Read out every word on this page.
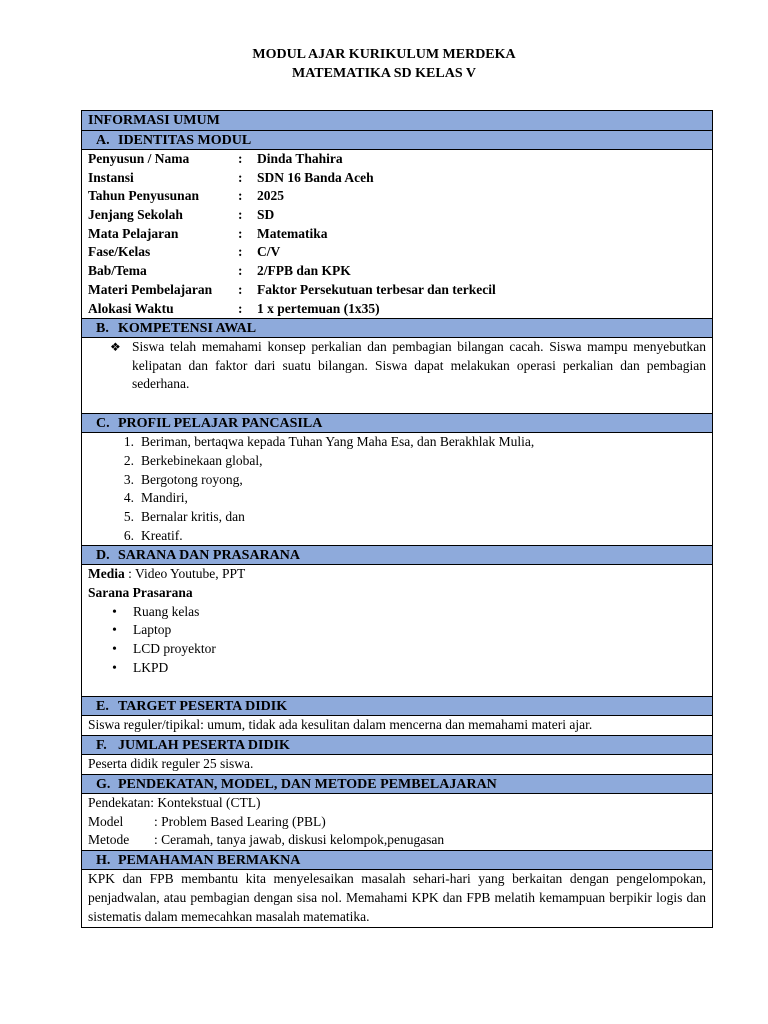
MODUL AJAR KURIKULUM MERDEKA
MATEMATIKA SD KELAS V
INFORMASI UMUM
A. IDENTITAS MODUL
Penyusun / Nama	:	Dinda Thahira
Instansi	:	SDN 16 Banda Aceh
Tahun Penyusunan	:	2025
Jenjang Sekolah	:	SD
Mata Pelajaran	:	Matematika
Fase/Kelas	:	C/V
Bab/Tema	:	2/FPB dan KPK
Materi Pembelajaran	:	Faktor Persekutuan terbesar dan terkecil
Alokasi Waktu	:	1 x pertemuan (1x35)
B. KOMPETENSI AWAL
❖ Siswa telah memahami konsep perkalian dan pembagian bilangan cacah. Siswa mampu menyebutkan kelipatan dan faktor dari suatu bilangan. Siswa dapat melakukan operasi perkalian dan pembagian sederhana.
C. PROFIL PELAJAR PANCASILA
1. Beriman, bertaqwa kepada Tuhan Yang Maha Esa, dan Berakhlak Mulia,
2. Berkebinekaan global,
3. Bergotong royong,
4. Mandiri,
5. Bernalar kritis, dan
6. Kreatif.
D. SARANA DAN PRASARANA
Media : Video Youtube, PPT
Sarana Prasarana
•	Ruang kelas
•	Laptop
•	LCD proyektor
•	LKPD
E. TARGET PESERTA DIDIK
Siswa reguler/tipikal: umum, tidak ada kesulitan dalam mencerna dan memahami materi ajar.
F. JUMLAH PESERTA DIDIK
Peserta didik reguler 25 siswa.
G. PENDEKATAN, MODEL, DAN METODE PEMBELAJARAN
Pendekatan : Kontekstual (CTL)
Model	: Problem Based Learing (PBL)
Metode	: Ceramah, tanya jawab, diskusi kelompok,penugasan
H. PEMAHAMAN BERMAKNA
KPK dan FPB membantu kita menyelesaikan masalah sehari-hari yang berkaitan dengan pengelompokan, penjadwalan, atau pembagian dengan sisa nol. Memahami KPK dan FPB melatih kemampuan berpikir logis dan sistematis dalam memecahkan masalah matematika.
